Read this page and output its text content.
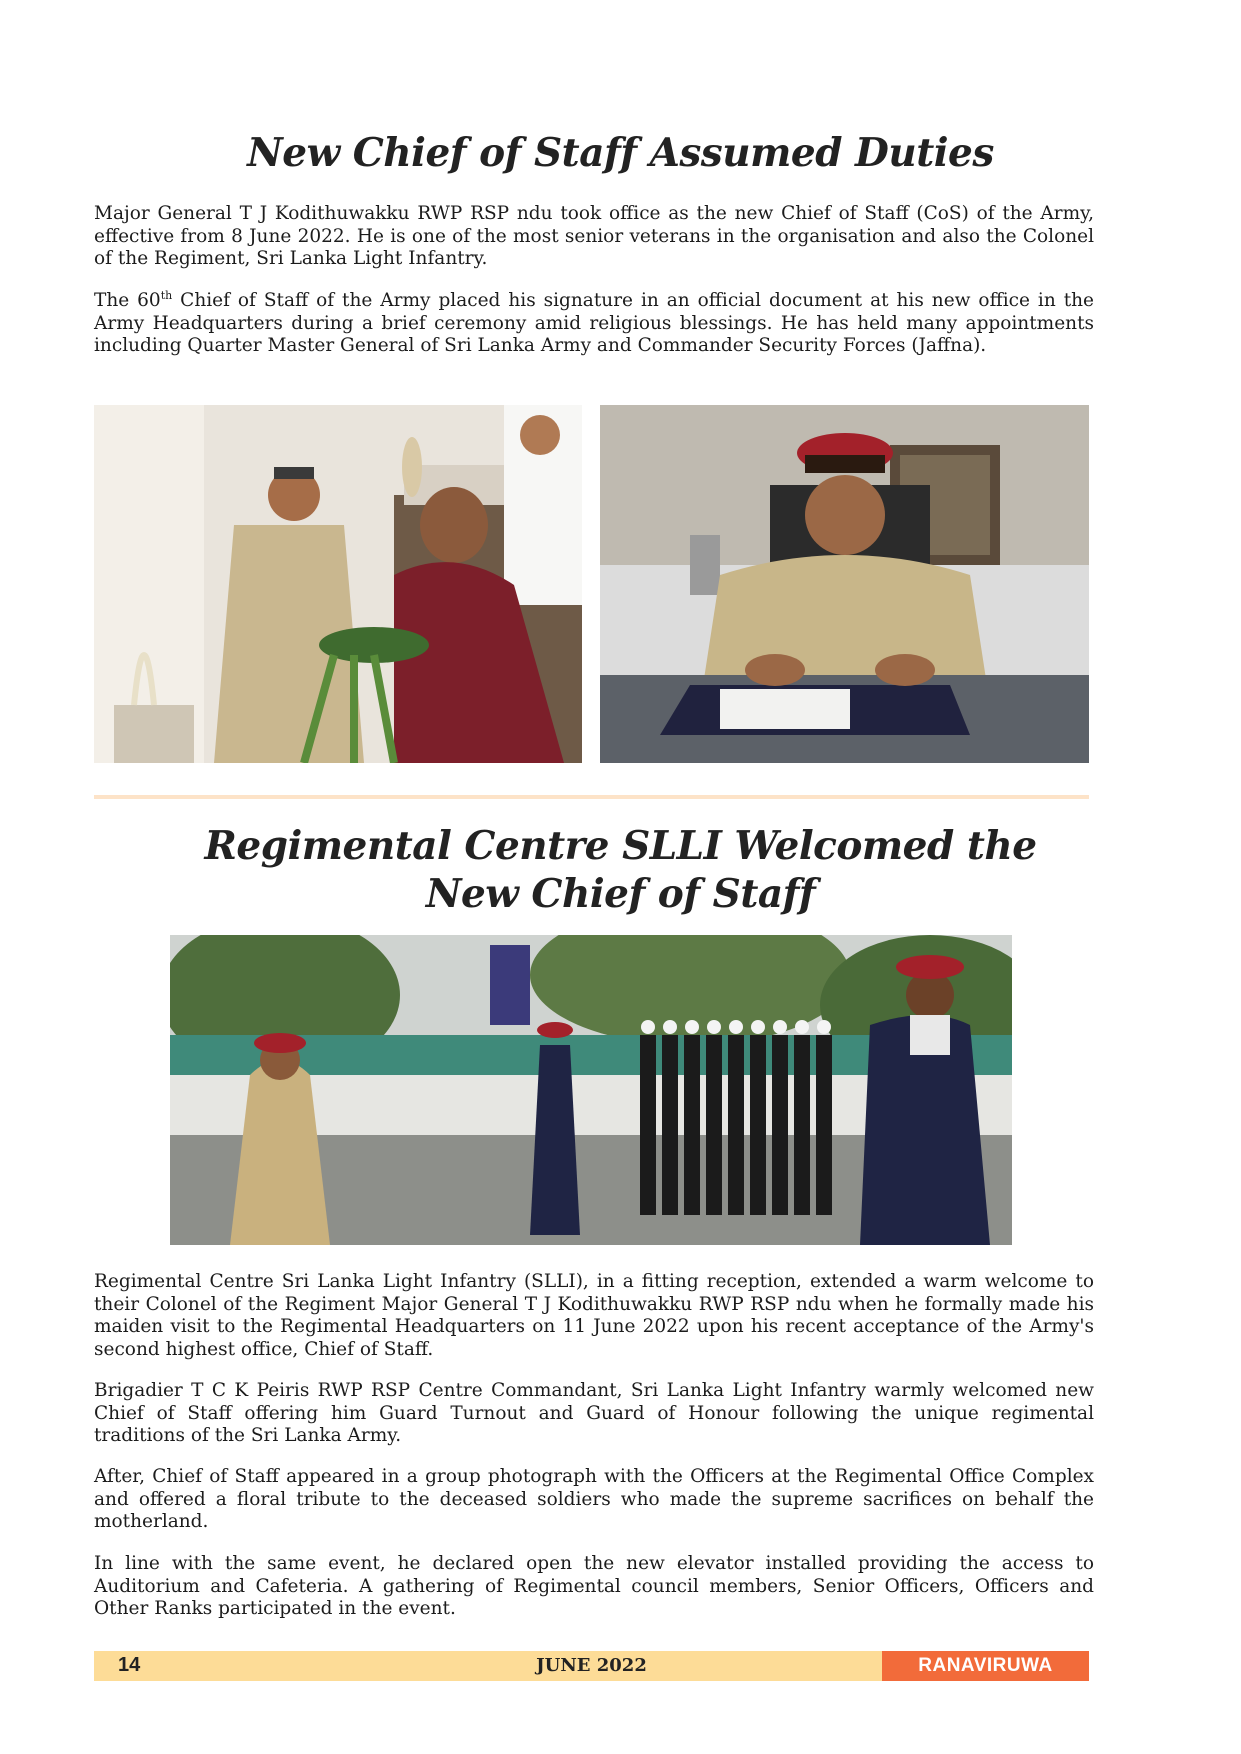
New Chief of Staff Assumed Duties

Major General T J Kodithuwakku RWP RSP ndu took office as the new Chief of Staff (CoS) of the Army, effective from 8 June 2022. He is one of the most senior veterans in the organisation and also the Colonel of the Regiment, Sri Lanka Light Infantry.

The 60th Chief of Staff of the Army placed his signature in an official document at his new office in the Army Headquarters during a brief ceremony amid religious blessings. He has held many appointments including Quarter Master General of Sri Lanka Army and Commander Security Forces (Jaffna).

Regimental Centre SLLI Welcomed the
New Chief of Staff

Regimental Centre Sri Lanka Light Infantry (SLLI), in a fitting reception, extended a warm welcome to their Colonel of the Regiment Major General T J Kodithuwakku RWP RSP ndu when he formally made his maiden visit to the Regimental Headquarters on 11 June 2022 upon his recent acceptance of the Army's second highest office, Chief of Staff.

Brigadier T C K Peiris RWP RSP Centre Commandant, Sri Lanka Light Infantry warmly welcomed new Chief of Staff offering him Guard Turnout and Guard of Honour following the unique regimental traditions of the Sri Lanka Army.

After, Chief of Staff appeared in a group photograph with the Officers at the Regimental Office Complex and offered a floral tribute to the deceased soldiers who made the supreme sacrifices on behalf the motherland.

In line with the same event, he declared open the new elevator installed providing the access to Auditorium and Cafeteria. A gathering of Regimental council members, Senior Officers, Officers and Other Ranks participated in the event.

14	JUNE 2022	RANAVIRUWA
